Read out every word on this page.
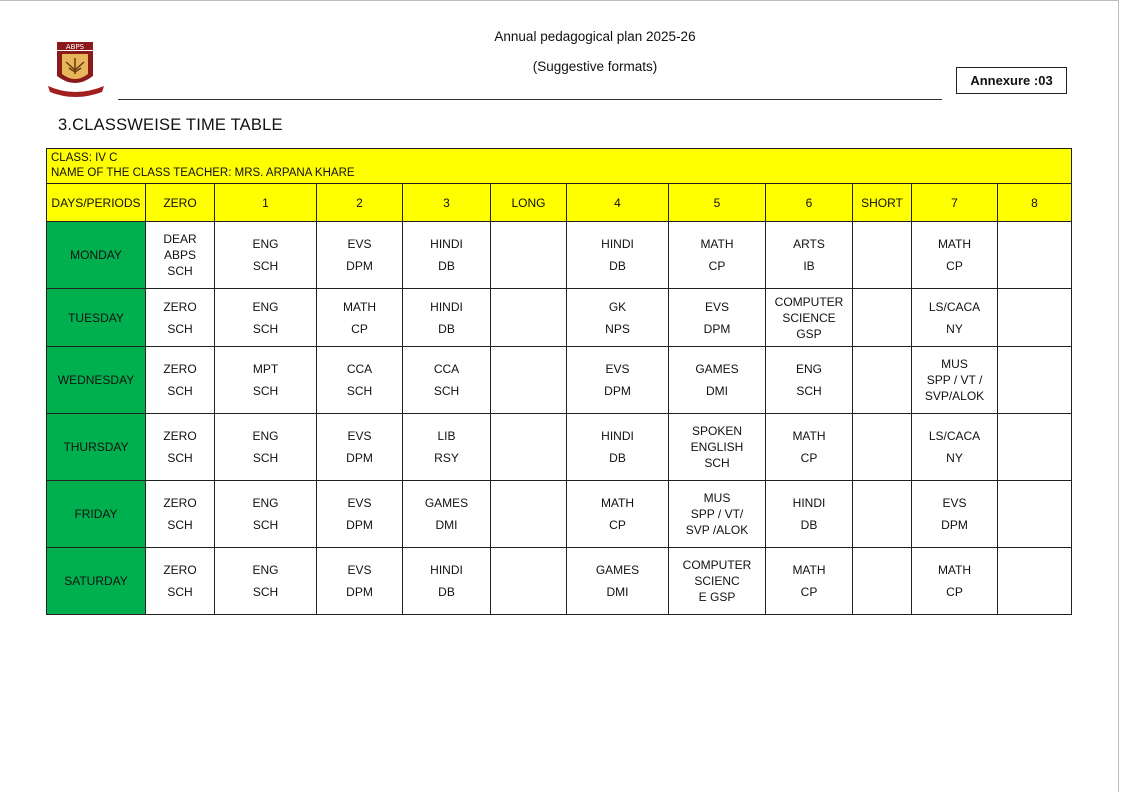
ABPS
Annual pedagogical plan 2025-26
(Suggestive formats)
Annexure :03
3.CLASSWEISE TIME TABLE
CLASS: IV C
NAME OF THE CLASS TEACHER: MRS. ARPANA KHARE											

DAYS/PERIODS	ZERO	1	2	3	LONG	4	5	6	SHORT	7	8
MONDAY	DEAR
ABPS
SCH	ENG
SCH	EVS
DPM	HINDI
DB		HINDI
DB	MATH
CP	ARTS
IB		MATH
CP	

TUESDAY	ZERO
SCH	ENG
SCH	MATH
CP	HINDI
DB		GK
NPS	EVS
DPM	COMPUTER
SCIENCE
GSP		LS/CACA
NY	

WEDNESDAY	ZERO
SCH	MPT
SCH	CCA
SCH	CCA
SCH		EVS
DPM	GAMES
DMI	ENG
SCH		MUS
SPP / VT /
SVP/ALOK	

THURSDAY	ZERO
SCH	ENG
SCH	EVS
DPM	LIB
RSY		HINDI
DB	SPOKEN
ENGLISH
SCH	MATH
CP		LS/CACA
NY	

FRIDAY	ZERO
SCH	ENG
SCH	EVS
DPM	GAMES
DMI		MATH
CP	MUS
SPP / VT/
SVP /ALOK	HINDI
DB		EVS
DPM	

SATURDAY	ZERO
SCH	ENG
SCH	EVS
DPM	HINDI
DB		GAMES
DMI	COMPUTER
SCIENC
E GSP	MATH
CP		MATH
CP	
